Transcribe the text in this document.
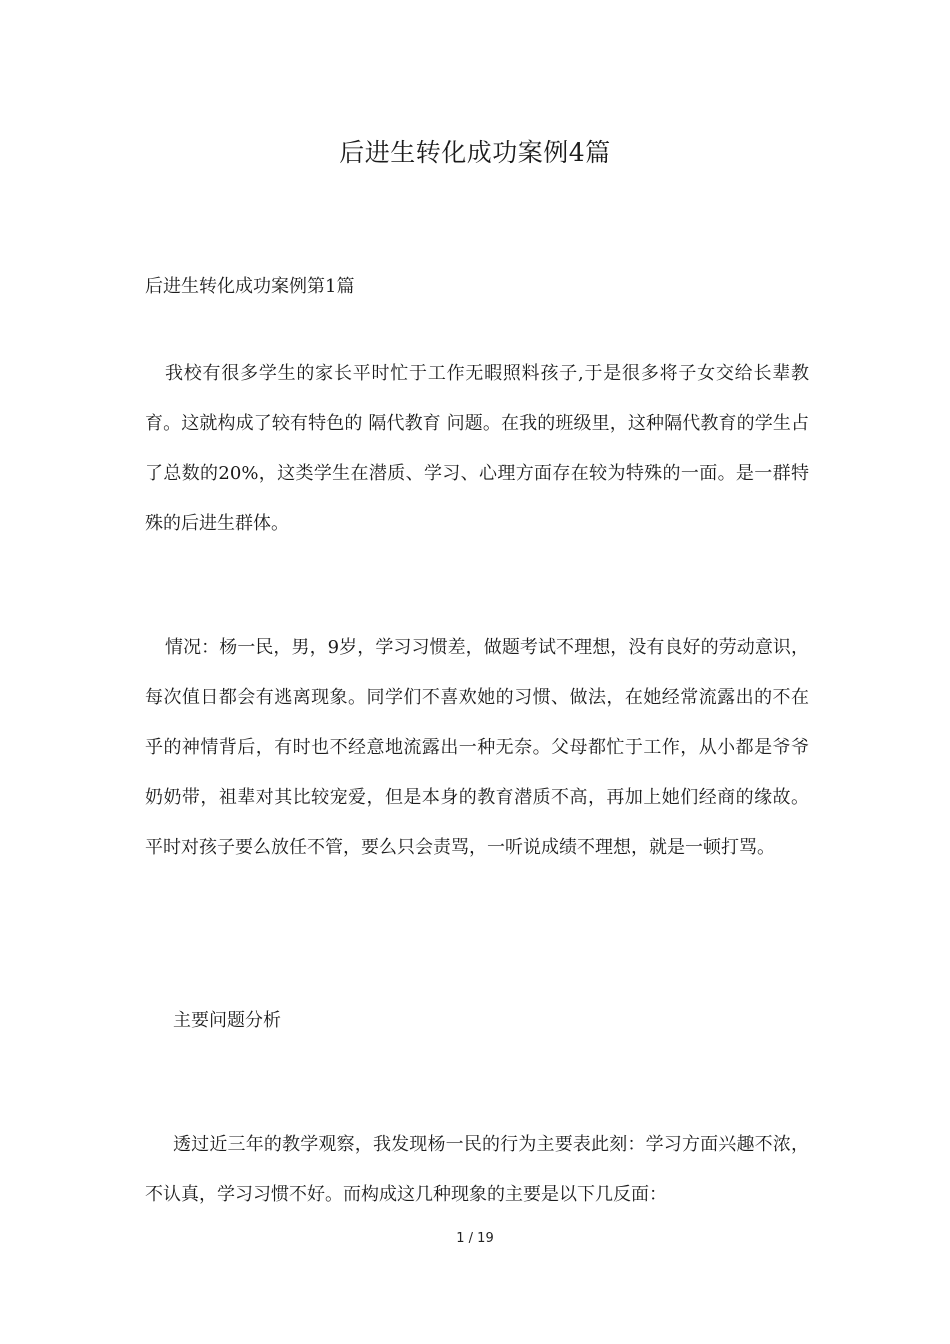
后进生转化成功案例4篇
后进生转化成功案例第1篇

我校有很多学生的家长平时忙于工作无暇照料孩子,于是很多将子女交给长辈教育。这就构成了较有特色的 隔代教育 问题。在我的班级里，这种隔代教育的学生占了总数的20%，这类学生在潜质、学习、心理方面存在较为特殊的一面。是一群特殊的后进生群体。

情况：杨一民，男，9岁，学习习惯差，做题考试不理想，没有良好的劳动意识，每次值日都会有逃离现象。同学们不喜欢她的习惯、做法，在她经常流露出的不在乎的神情背后，有时也不经意地流露出一种无奈。父母都忙于工作，从小都是爷爷奶奶带，祖辈对其比较宠爱，但是本身的教育潜质不高，再加上她们经商的缘故。平时对孩子要么放任不管，要么只会责骂，一听说成绩不理想，就是一顿打骂。

主要问题分析

透过近三年的教学观察，我发现杨一民的行为主要表此刻：学习方面兴趣不浓，不认真，学习习惯不好。而构成这几种现象的主要是以下几反面：

1 / 19
